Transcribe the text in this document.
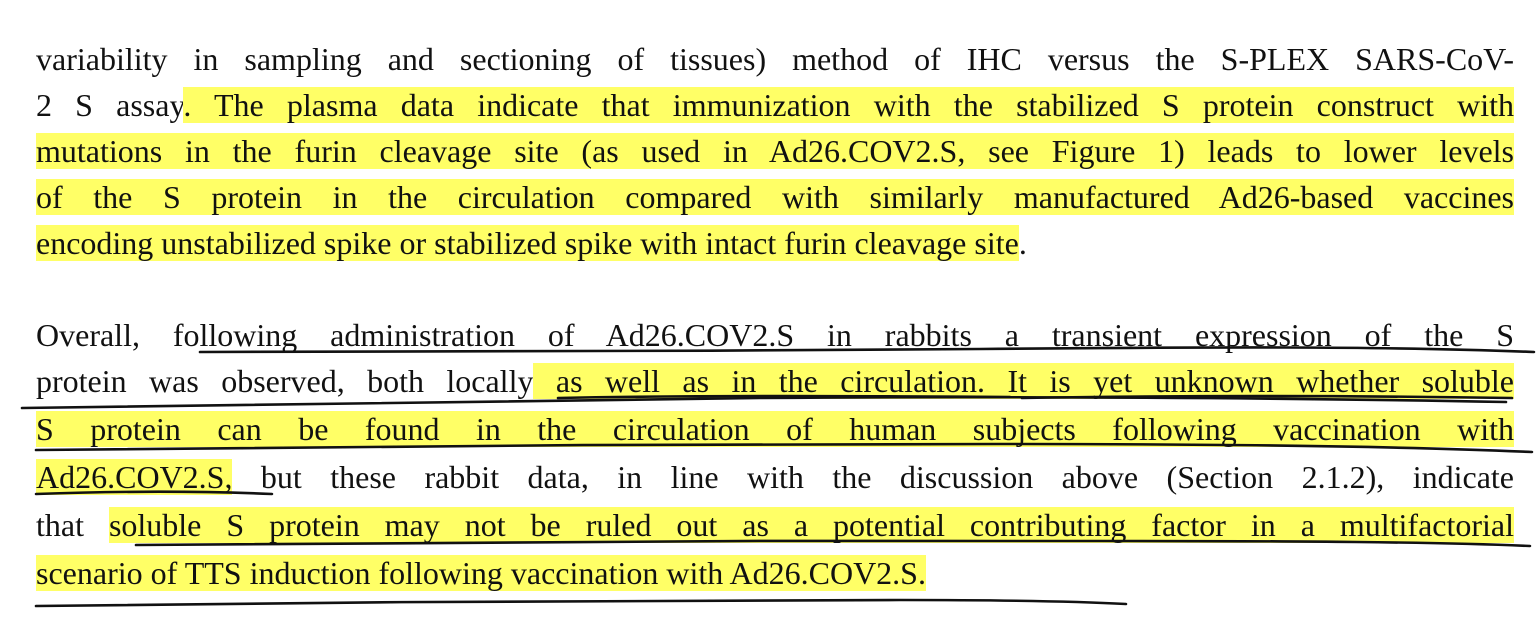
variability in sampling and sectioning of tissues) method of IHC versus the S-PLEX SARS-CoV-

2 S assay. The plasma data indicate that immunization with the stabilized S protein construct with

mutations in the furin cleavage site (as used in Ad26.COV2.S, see Figure 1) leads to lower levels

of the S protein in the circulation compared with similarly manufactured Ad26-based vaccines

encoding unstabilized spike or stabilized spike with intact furin cleavage site.

Overall, following administration of Ad26.COV2.S in rabbits a transient expression of the S

protein was observed, both locally as well as in the circulation. It is yet unknown whether soluble

S protein can be found in the circulation of human subjects following vaccination with

Ad26.COV2.S, but these rabbit data, in line with the discussion above (Section 2.1.2), indicate

that soluble S protein may not be ruled out as a potential contributing factor in a multifactorial

scenario of TTS induction following vaccination with Ad26.COV2.S.
